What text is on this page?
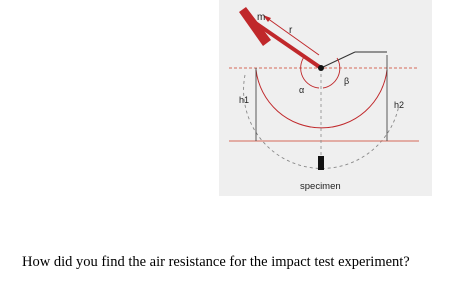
m
r
α
β
h1	h2
specimen

How did you find the air resistance for the impact test experiment?
